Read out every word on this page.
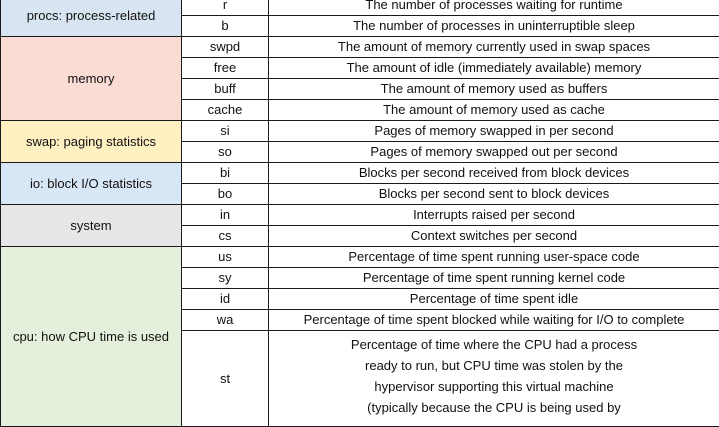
procs: process-related	r	The number of processes waiting for runtime
	b	The number of processes in uninterruptible sleep
memory	swpd	The amount of memory currently used in swap spaces
	free	The amount of idle (immediately available) memory
	buff	The amount of memory used as buffers
	cache	The amount of memory used as cache
swap: paging statistics	si	Pages of memory swapped in per second
	so	Pages of memory swapped out per second
io: block I/O statistics	bi	Blocks per second received from block devices
	bo	Blocks per second sent to block devices
system	in	Interrupts raised per second
	cs	Context switches per second
cpu: how CPU time is used	us	Percentage of time spent running user-space code
	sy	Percentage of time spent running kernel code
	id	Percentage of time spent idle
	wa	Percentage of time spent blocked while waiting for I/O to complete
	st	Percentage of time where the CPU had a process
ready to run, but CPU time was stolen by the
hypervisor supporting this virtual machine
(typically because the CPU is being used by
